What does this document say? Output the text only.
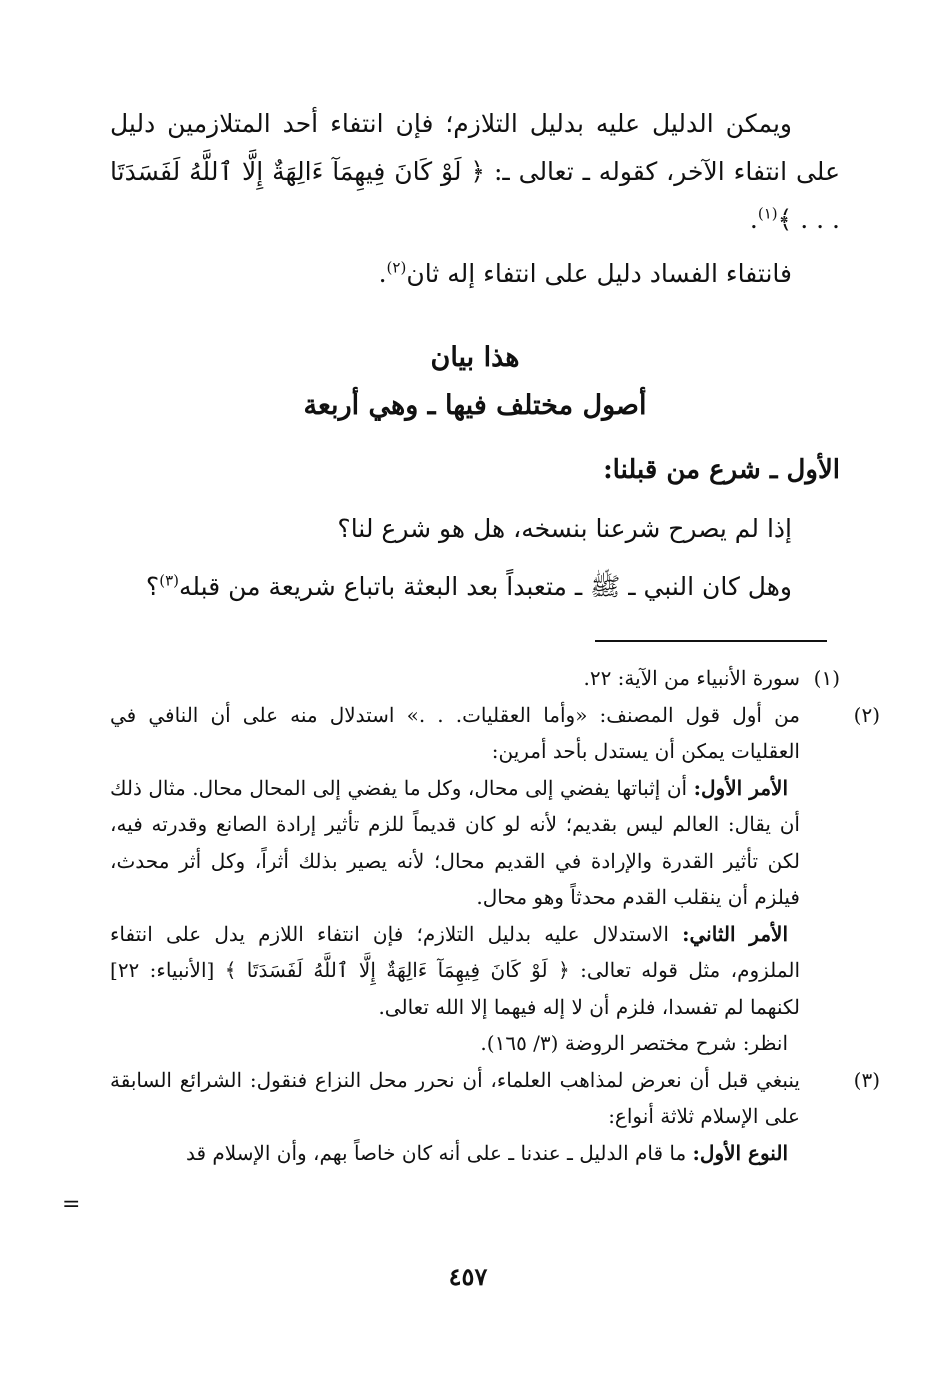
ويمكن الدليل عليه بدليل التلازم؛ فإن انتفاء أحد المتلازمين دليل على انتفاء الآخر، كقوله ـ تعالى ـ: ﴿ لَوْ كَانَ فِيهِمَآ ءَالِهَةٌ إِلَّا ٱللَّهُ لَفَسَدَتَا . . . ﴾$^{(١)}$.

فانتفاء الفساد دليل على انتفاء إله ثان$^{(٢)}$.

هذا بيان

أصول مختلف فيها ـ وهي أربعة

الأول ـ شرع من قبلنا:

إذا لم يصرح شرعنا بنسخه، هل هو شرع لنا؟

وهل كان النبي ـ ﷺ ـ متعبداً بعد البعثة باتباع شريعة من قبله$^{(٣)}$؟

(١)سورة الأنبياء من الآية: ٢٢.

(٢)من أول قول المصنف: «وأما العقليات. . .» استدلال منه على أن النافي في العقليات يمكن أن يستدل بأحد أمرين:

الأمر الأول: أن إثباتها يفضي إلى محال، وكل ما يفضي إلى المحال محال. مثال ذلك أن يقال: العالم ليس بقديم؛ لأنه لو كان قديماً للزم تأثير إرادة الصانع وقدرته فيه، لكن تأثير القدرة والإرادة في القديم محال؛ لأنه يصير بذلك أثراً، وكل أثر محدث، فيلزم أن ينقلب القدم محدثاً وهو محال.

الأمر الثاني: الاستدلال عليه بدليل التلازم؛ فإن انتفاء اللازم يدل على انتفاء الملزوم، مثل قوله تعالى: ﴿ لَوْ كَانَ فِيهِمَآ ءَالِهَةٌ إِلَّا ٱللَّهُ لَفَسَدَتَا ﴾ [الأنبياء: ٢٢] لكنهما لم تفسدا، فلزم أن لا إله فيهما إلا الله تعالى.

انظر: شرح مختصر الروضة (٣/ ١٦٥).

(٣)ينبغي قبل أن نعرض لمذاهب العلماء، أن نحرر محل النزاع فنقول: الشرائع السابقة على الإسلام ثلاثة أنواع:

النوع الأول: ما قام الدليل ـ عندنا ـ على أنه كان خاصاً بهم، وأن الإسلام قد

=
٤٥٧
